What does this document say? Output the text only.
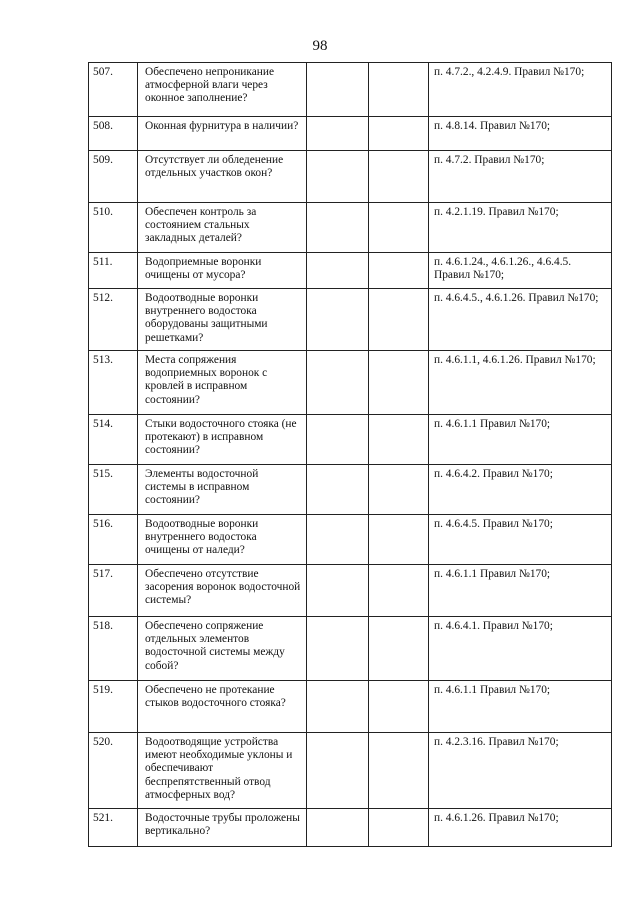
98
507.	Обеспечено непроникание атмосферной влаги через оконное заполнение?			п. 4.7.2., 4.2.4.9. Правил №170;
508.	Оконная фурнитура в наличии?			п. 4.8.14. Правил №170;
509.	Отсутствует ли обледенение отдельных участков окон?			п. 4.7.2. Правил №170;
510.	Обеспечен контроль за состоянием стальных закладных деталей?			п. 4.2.1.19. Правил №170;
511.	Водоприемные воронки очищены от мусора?			п. 4.6.1.24., 4.6.1.26., 4.6.4.5. Правил №170;
512.	Водоотводные воронки внутреннего водостока оборудованы защитными решетками?			п. 4.6.4.5., 4.6.1.26. Правил №170;
513.	Места сопряжения водоприемных воронок с кровлей в исправном состоянии?			п. 4.6.1.1, 4.6.1.26. Правил №170;
514.	Стыки водосточного стояка (не протекают) в исправном состоянии?			п. 4.6.1.1 Правил №170;
515.	Элементы водосточной системы в исправном состоянии?			п. 4.6.4.2. Правил №170;
516.	Водоотводные воронки внутреннего водостока очищены от наледи?			п. 4.6.4.5. Правил №170;
517.	Обеспечено отсутствие засорения воронок водосточной системы?			п. 4.6.1.1 Правил №170;
518.	Обеспечено сопряжение отдельных элементов водосточной системы между собой?			п. 4.6.4.1. Правил №170;
519.	Обеспечено не протекание стыков водосточного стояка?			п. 4.6.1.1 Правил №170;
520.	Водоотводящие устройства имеют необходимые уклоны и обеспечивают беспрепятственный отвод атмосферных вод?			п. 4.2.3.16. Правил №170;
521.	Водосточные трубы проложены вертикально?			п. 4.6.1.26. Правил №170;
